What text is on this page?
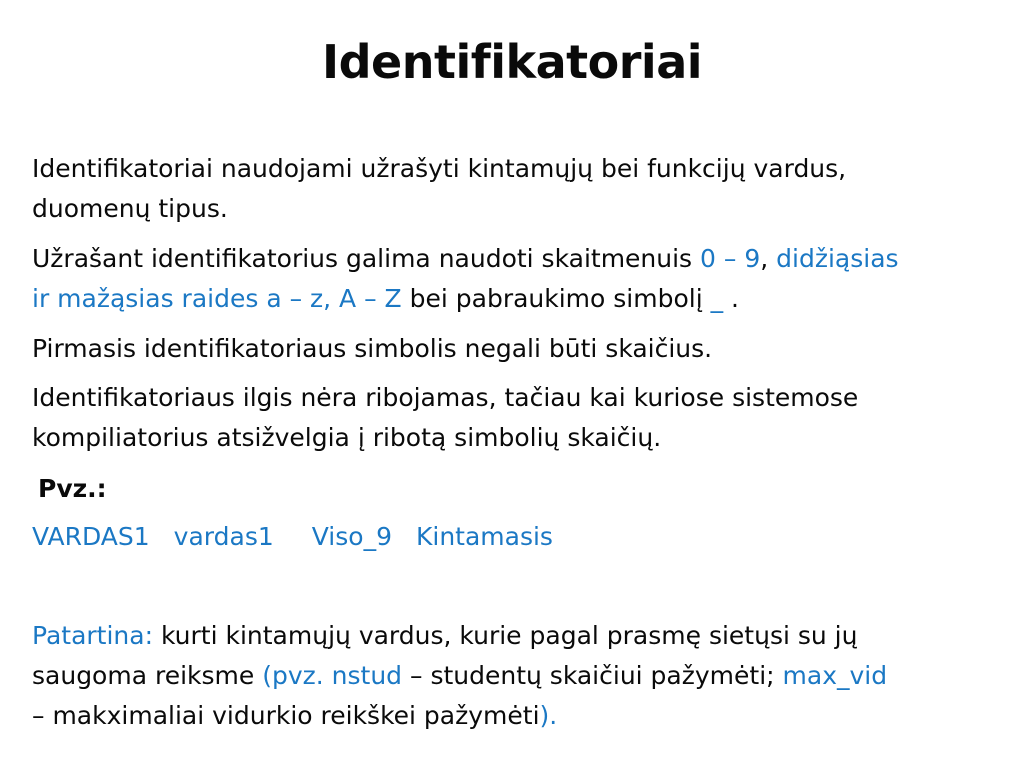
Identifikatoriai
Identifikatoriai naudojami užrašyti kintamųjų bei funkcijų vardus,
duomenų tipus.
Užrašant identifikatorius galima naudoti skaitmenuis 0 – 9, didžiąsias
ir mažąsias raides a – z, A – Z bei pabraukimo simbolį _ .
Pirmasis identifikatoriaus simbolis negali būti skaičius.
Identifikatoriaus ilgis nėra ribojamas, tačiau kai kuriose sistemose
kompiliatorius atsižvelgia į ribotą simbolių skaičių.
Pvz.:
VARDAS1 vardas1 Viso_9 Kintamasis
Patartina: kurti kintamųjų vardus, kurie pagal prasmę sietųsi su jų
saugoma reiksme (pvz. nstud – studentų skaičiui pažymėti; max_vid
– makximaliai vidurkio reikškei pažymėti).
